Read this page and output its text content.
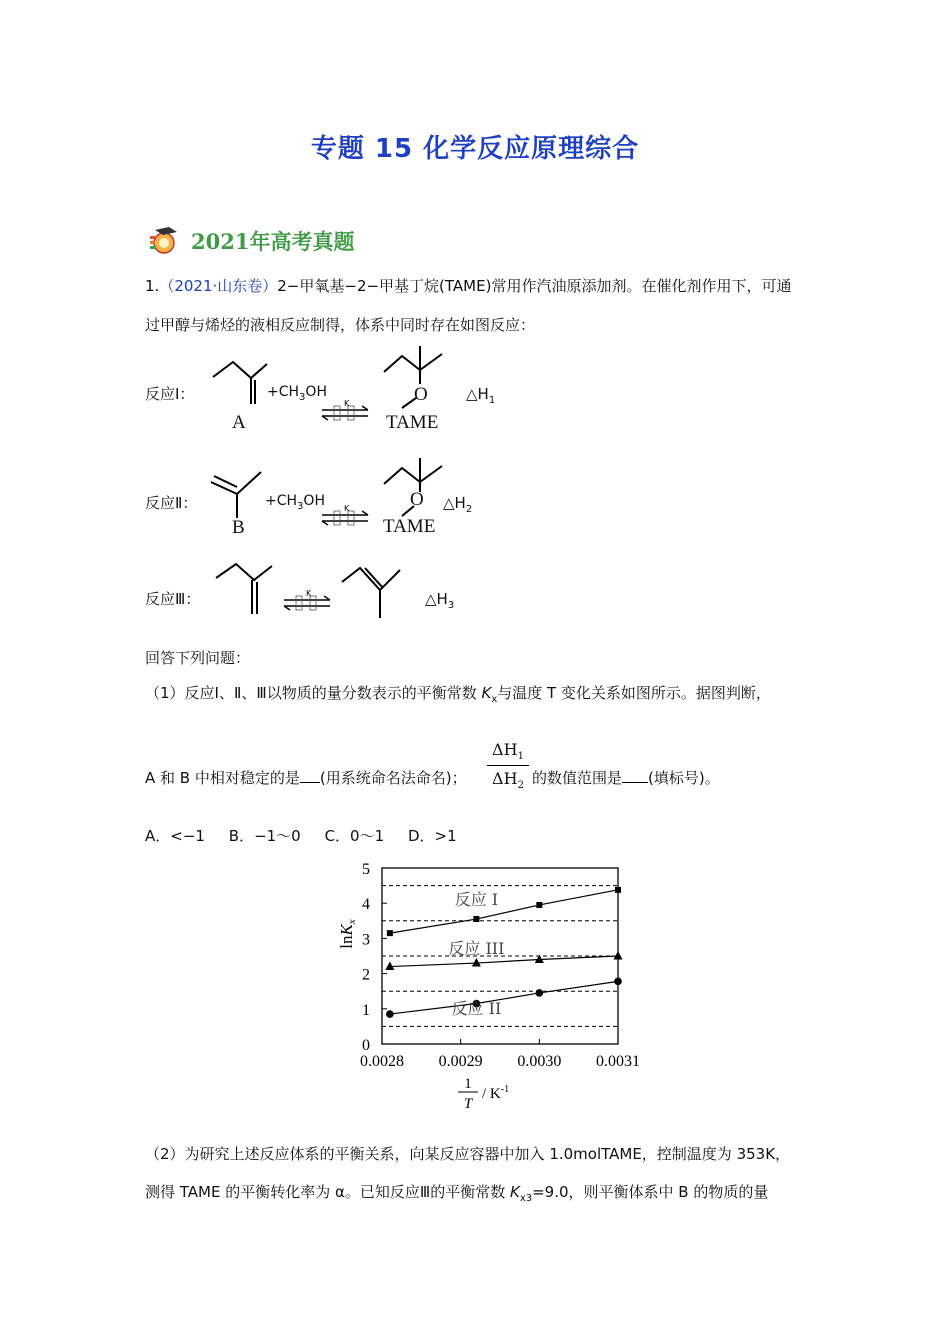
专题 15 化学反应原理综合
2021年高考真题
1.（2021·山东卷）2−甲氧基−2−甲基丁烷(TAME)常用作汽油原添加剂。在催化剂作用下，可通
过甲醇与烯烃的液相反应制得，体系中同时存在如图反应：
反应Ⅰ：
A
$+CH_3OH$
K	O
TAME
$\triangle H_1$
反应Ⅱ：
B
$+CH_3OH$ K	O
TAME
$\triangle H_2$
反应Ⅲ：	K	$\triangle H_3$
回答下列问题：
（1）反应Ⅰ、Ⅱ、Ⅲ以物质的量分数表示的平衡常数 $K_x$与温度 T 变化关系如图所示。据图判断，
A 和 B 中相对稳定的是 (用系统命名法命名)； $\frac{\Delta H_1}{\Delta H_2}$ 的数值范围是 (填标号)。
A．<−1     B．−1～0     C．0～1     D．>1
lnKx
1
T
/ $K^{-1}$
0
1
2
3
4
5
0.0028 0.0029 0.0030 0.0031
反应 I
反应 III
反应 II
（2）为研究上述反应体系的平衡关系，向某反应容器中加入 1.0molTAME，控制温度为 353K，
测得 TAME 的平衡转化率为 α。已知反应Ⅲ的平衡常数 $K_{x3}=9.0$，则平衡体系中 B 的物质的量
